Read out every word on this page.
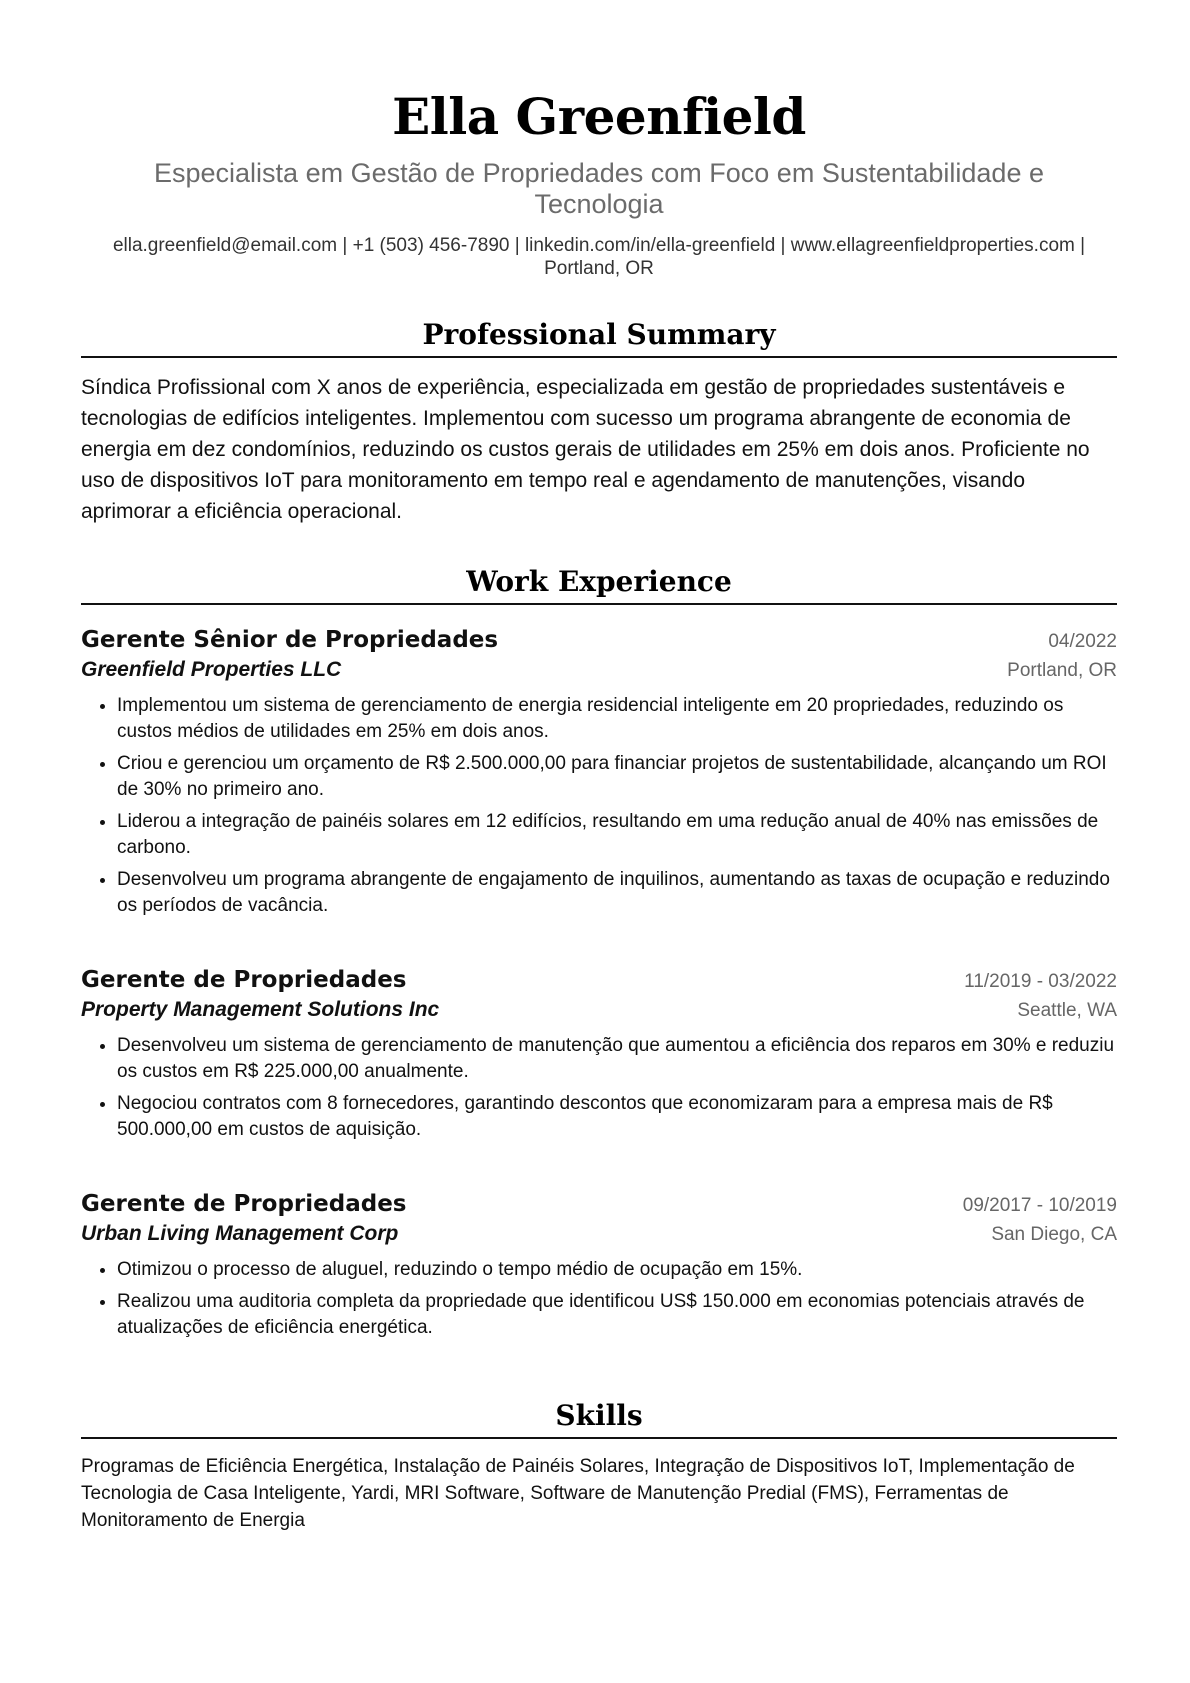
Ella Greenfield
Especialista em Gestão de Propriedades com Foco em Sustentabilidade e Tecnologia
ella.greenfield@email.com | +1 (503) 456-7890 | linkedin.com/in/ella-greenfield | www.ellagreenfieldproperties.com | Portland, OR
Professional Summary
Síndica Profissional com X anos de experiência, especializada em gestão de propriedades sustentáveis e tecnologias de edifícios inteligentes. Implementou com sucesso um programa abrangente de economia de energia em dez condomínios, reduzindo os custos gerais de utilidades em 25% em dois anos. Proficiente no uso de dispositivos IoT para monitoramento em tempo real e agendamento de manutenções, visando aprimorar a eficiência operacional.
Work Experience
Gerente Sênior de Propriedades	04/2022
Greenfield Properties LLC	Portland, OR
• Implementou um sistema de gerenciamento de energia residencial inteligente em 20 propriedades, reduzindo os custos médios de utilidades em 25% em dois anos.
• Criou e gerenciou um orçamento de R$ 2.500.000,00 para financiar projetos de sustentabilidade, alcançando um ROI de 30% no primeiro ano.
• Liderou a integração de painéis solares em 12 edifícios, resultando em uma redução anual de 40% nas emissões de carbono.
• Desenvolveu um programa abrangente de engajamento de inquilinos, aumentando as taxas de ocupação e reduzindo os períodos de vacância.
Gerente de Propriedades	11/2019 - 03/2022
Property Management Solutions Inc	Seattle, WA
• Desenvolveu um sistema de gerenciamento de manutenção que aumentou a eficiência dos reparos em 30% e reduziu os custos em R$ 225.000,00 anualmente.
• Negociou contratos com 8 fornecedores, garantindo descontos que economizaram para a empresa mais de R$ 500.000,00 em custos de aquisição.
Gerente de Propriedades	09/2017 - 10/2019
Urban Living Management Corp	San Diego, CA
• Otimizou o processo de aluguel, reduzindo o tempo médio de ocupação em 15%.
• Realizou uma auditoria completa da propriedade que identificou US$ 150.000 em economias potenciais através de atualizações de eficiência energética.
Skills
Programas de Eficiência Energética, Instalação de Painéis Solares, Integração de Dispositivos IoT, Implementação de Tecnologia de Casa Inteligente, Yardi, MRI Software, Software de Manutenção Predial (FMS), Ferramentas de Monitoramento de Energia
